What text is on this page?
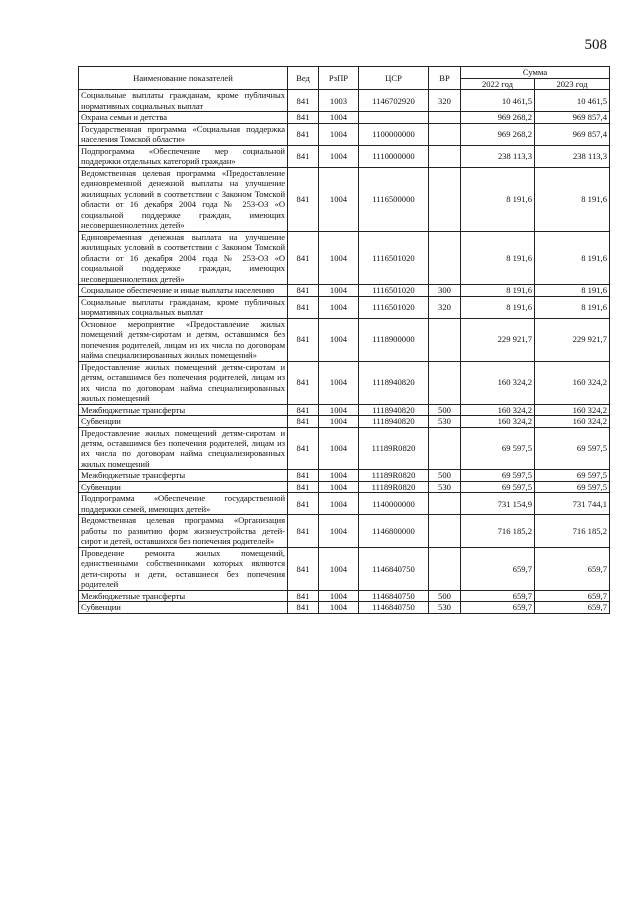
508
Наименование показателей	Вед	РзПР	ЦСР	ВР	Сумма	
					2022 год	2023 год
Социальные выплаты гражданам, кроме публичных нормативных социальных выплат	841	1003	1146702920	320	10 461,5	10 461,5
Охрана семьи и детства	841	1004			969 268,2	969 857,4
Государственная программа «Социальная поддержка населения Томской области»	841	1004	1100000000		969 268,2	969 857,4
Подпрограмма «Обеспечение мер социальной поддержки отдельных категорий граждан»	841	1004	1110000000		238 113,3	238 113,3
Ведомственная целевая программа «Предоставление единовременной денежной выплаты на улучшение жилищных условий в соответствии с Законом Томской области от 16 декабря 2004 года № 253-ОЗ «О социальной поддержке граждан, имеющих несовершеннолетних детей»	841	1004	1116500000		8 191,6	8 191,6
Единовременная денежная выплата на улучшение жилищных условий в соответствии с Законом Томской области от 16 декабря 2004 года № 253-ОЗ «О социальной поддержке граждан, имеющих несовершеннолетних детей»	841	1004	1116501020		8 191,6	8 191,6
Социальное обеспечение и иные выплаты населению	841	1004	1116501020	300	8 191,6	8 191,6
Социальные выплаты гражданам, кроме публичных нормативных социальных выплат	841	1004	1116501020	320	8 191,6	8 191,6
Основное мероприятие «Предоставление жилых помещений детям-сиротам и детям, оставшимся без попечения родителей, лицам из их числа по договорам найма специализированных жилых помещений»	841	1004	1118900000		229 921,7	229 921,7
Предоставление жилых помещений детям-сиротам и детям, оставшимся без попечения родителей, лицам из их числа по договорам найма специализированных жилых помещений	841	1004	1118940820		160 324,2	160 324,2
Межбюджетные трансферты	841	1004	1118940820	500	160 324,2	160 324,2
Субвенции	841	1004	1118940820	530	160 324,2	160 324,2
Предоставление жилых помещений детям-сиротам и детям, оставшимся без попечения родителей, лицам из их числа по договорам найма специализированных жилых помещений	841	1004	11189R0820		69 597,5	69 597,5
Межбюджетные трансферты	841	1004	11189R0820	500	69 597,5	69 597,5
Субвенции	841	1004	11189R0820	530	69 597,5	69 597,5
Подпрограмма «Обеспечение государственной поддержки семей, имеющих детей»	841	1004	1140000000		731 154,9	731 744,1
Ведомственная целевая программа «Организация работы по развитию форм жизнеустройства детей-сирот и детей, оставшихся без попечения родителей»	841	1004	1146800000		716 185,2	716 185,2
Проведение ремонта жилых помещений, единственными собственниками которых являются дети-сироты и дети, оставшиеся без попечения родителей	841	1004	1146840750		659,7	659,7
Межбюджетные трансферты	841	1004	1146840750	500	659,7	659,7
Субвенции	841	1004	1146840750	530	659,7	659,7
